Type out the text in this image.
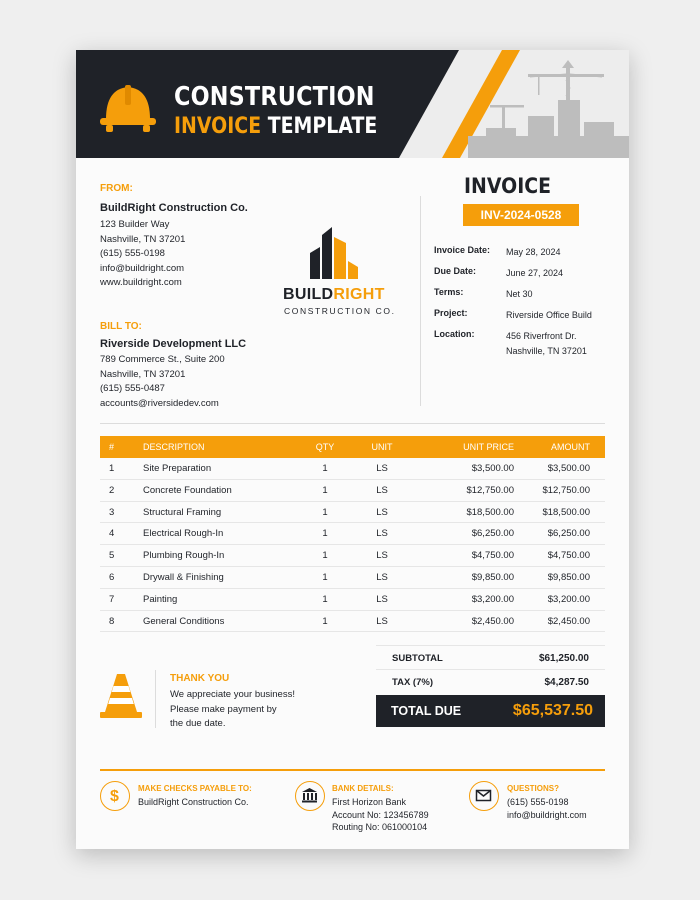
CONSTRUCTION
INVOICE TEMPLATE
FROM:
BuildRight Construction Co.
123 Builder Way
Nashville, TN 37201
(615) 555-0198
info@buildright.com
www.buildright.com
BILL TO:
Riverside Development LLC
789 Commerce St., Suite 200
Nashville, TN 37201
(615) 555-0487
accounts@riversidedev.com
BUILDRIGHT
CONSTRUCTION CO.
INVOICE
INV-2024-0528
Invoice Date: May 28, 2024
Due Date:	June 27, 2024
Terms:	Net 30
Project:	Riverside Office Build
Location:	456 Riverfront Dr.
Nashville, TN 37201
#	DESCRIPTION	QTY	UNIT	UNIT PRICE	AMOUNT
1	Site Preparation	1	LS	$3,500.00	$3,500.00
2	Concrete Foundation	1	LS	$12,750.00	$12,750.00
3	Structural Framing	1	LS	$18,500.00	$18,500.00
4	Electrical Rough-In	1	LS	$6,250.00	$6,250.00
5	Plumbing Rough-In	1	LS	$4,750.00	$4,750.00
6	Drywall & Finishing	1	LS	$9,850.00	$9,850.00
7	Painting	1	LS	$3,200.00	$3,200.00
8	General Conditions	1	LS	$2,450.00	$2,450.00
SUBTOTAL	$61,250.00
TAX (7%)	$4,287.50
TOTAL DUE	$65,537.50
THANK YOU
We appreciate your business!
Please make payment by
the due date.
$ MAKE CHECKS PAYABLE TO:
BuildRight Construction Co.
BANK DETAILS:
First Horizon Bank
Account No: 123456789
Routing No: 061000104
QUESTIONS?
(615) 555-0198
info@buildright.com
